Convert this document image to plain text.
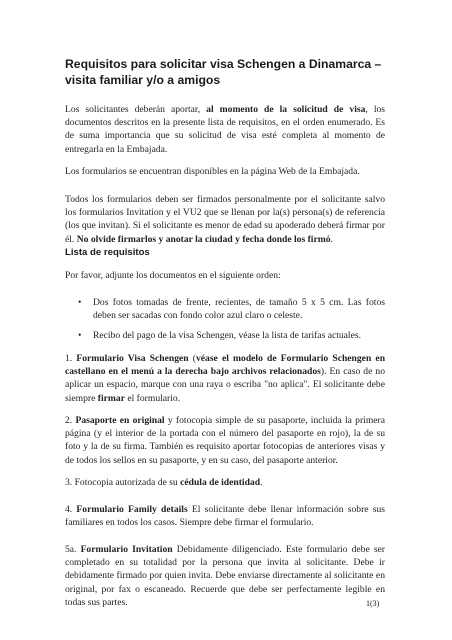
Requisitos para solicitar visa Schengen a Dinamarca – visita familiar y/o a amigos

Los solicitantes deberán aportar, al momento de la solicitud de visa, los documentos descritos en la presente lista de requisitos, en el orden enumerado. Es de suma importancia que su solicitud de visa esté completa al momento de entregarla en la Embajada.

Los formularios se encuentran disponibles en la página Web de la Embajada.

Todos los formularios deben ser firmados personalmente por el solicitante salvo los formularios Invitation y el VU2 que se llenan por la(s) persona(s) de referencia (los que invitan). Si el solicitante es menor de edad su apoderado deberá firmar por él. No olvide firmarlos y anotar la ciudad y fecha donde los firmó.

Lista de requisitos

Por favor, adjunte los documentos en el siguiente orden:

• Dos fotos tomadas de frente, recientes, de tamaño 5 x 5 cm. Las fotos deben ser sacadas con fondo color azul claro o celeste.

• Recibo del pago de la visa Schengen, véase la lista de tarifas actuales.

1. Formulario Visa Schengen (véase el modelo de Formulario Schengen en castellano en el menú a la derecha bajo archivos relacionados). En caso de no aplicar un espacio, marque con una raya o escriba "no aplica". El solicitante debe siempre firmar el formulario.

2. Pasaporte en original y fotocopia simple de su pasaporte, incluida la primera página (y el interior de la portada con el número del pasaporte en rojo), la de su foto y la de su firma. También es requisito aportar fotocopias de anteriores visas y de todos los sellos en su pasaporte, y en su caso, del pasaporte anterior.

3. Fotocopia autorizada de su cédula de identidad.

4. Formulario Family details El solicitante debe llenar información sobre sus familiares en todos los casos. Siempre debe firmar el formulario.

5a. Formulario Invitation Debidamente diligenciado. Este formulario debe ser completado en su totalidad por la persona que invita al solicitante. Debe ir debidamente firmado por quien invita. Debe enviarse directamente al solicitante en original, por fax o escaneado. Recuerde que debe ser perfectamente legible en todas sus partes.	1(3)
